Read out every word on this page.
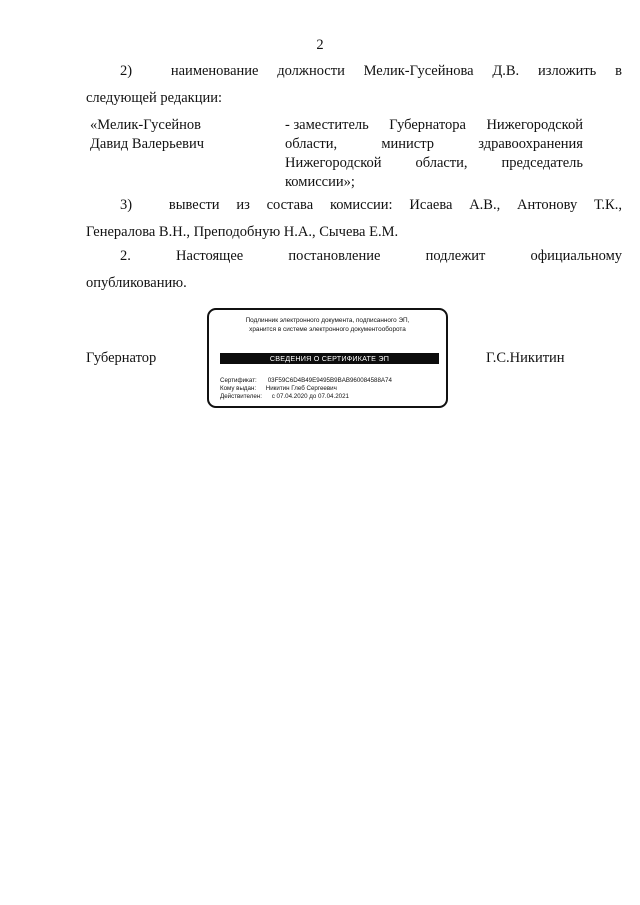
2
2)	наименование должности Мелик-Гусейнова Д.В. изложить в
следующей редакции:
«Мелик-Гусейнов
Давид Валерьевич
- заместитель Губернатора Нижегородской
области,	министр	здравоохранения
Нижегородской области, председатель
комиссии»;
3)	вывести из состава комиссии: Исаева А.В., Антонову Т.К.,
Генералова В.Н., Преподобную Н.А., Сычева Е.М.
2.	Настоящее	постановление	подлежит	официальному
опубликованию.
Губернатор	Г.С.Никитин
Подлинник электронного документа, подписанного ЭП,
хранится в системе электронного документооборота
СВЕДЕНИЯ О СЕРТИФИКАТЕ ЭП
Сертификат: 03F59C6D4B49E9495B9BAB960084588A74
Кому выдан: Никитин Глеб Сергеевич
Действителен: с 07.04.2020 до 07.04.2021
